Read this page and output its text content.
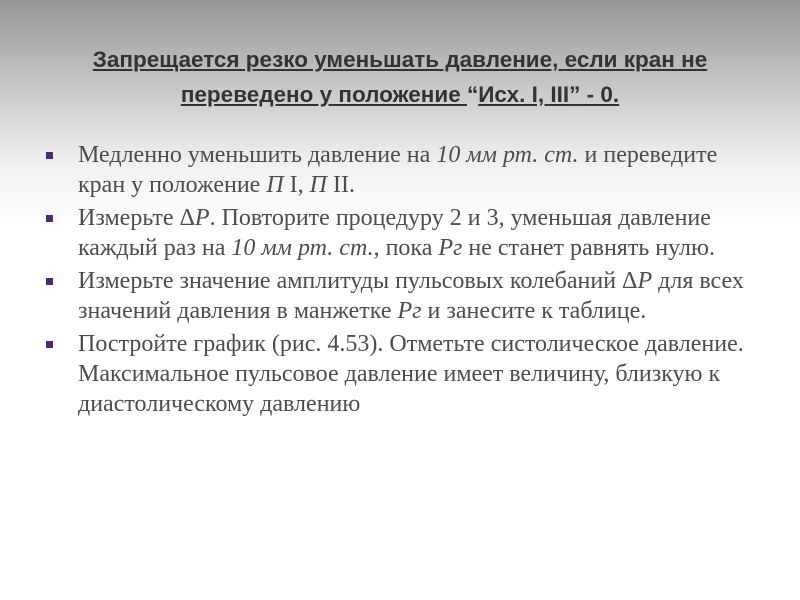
Запрещается резко уменьшать давление, если кран не переведено у положение “Исх. I, III” - 0.
Медленно уменьшить давление на 10 мм рт. ст. и переведите кран у положение П I, П II.
Измерьте ΔР. Повторите процедуру 2 и 3, уменьшая давление каждый раз на 10 мм рт. ст., пока Рг не станет равнять нулю.
Измерьте значение амплитуды пульсовых колебаний ΔР для всех значений давления в манжетке Рг и занесите к таблице.
Постройте график (рис. 4.53). Отметьте систолическое давление. Максимальное пульсовое давление имеет величину, близкую к диастолическому давлению
